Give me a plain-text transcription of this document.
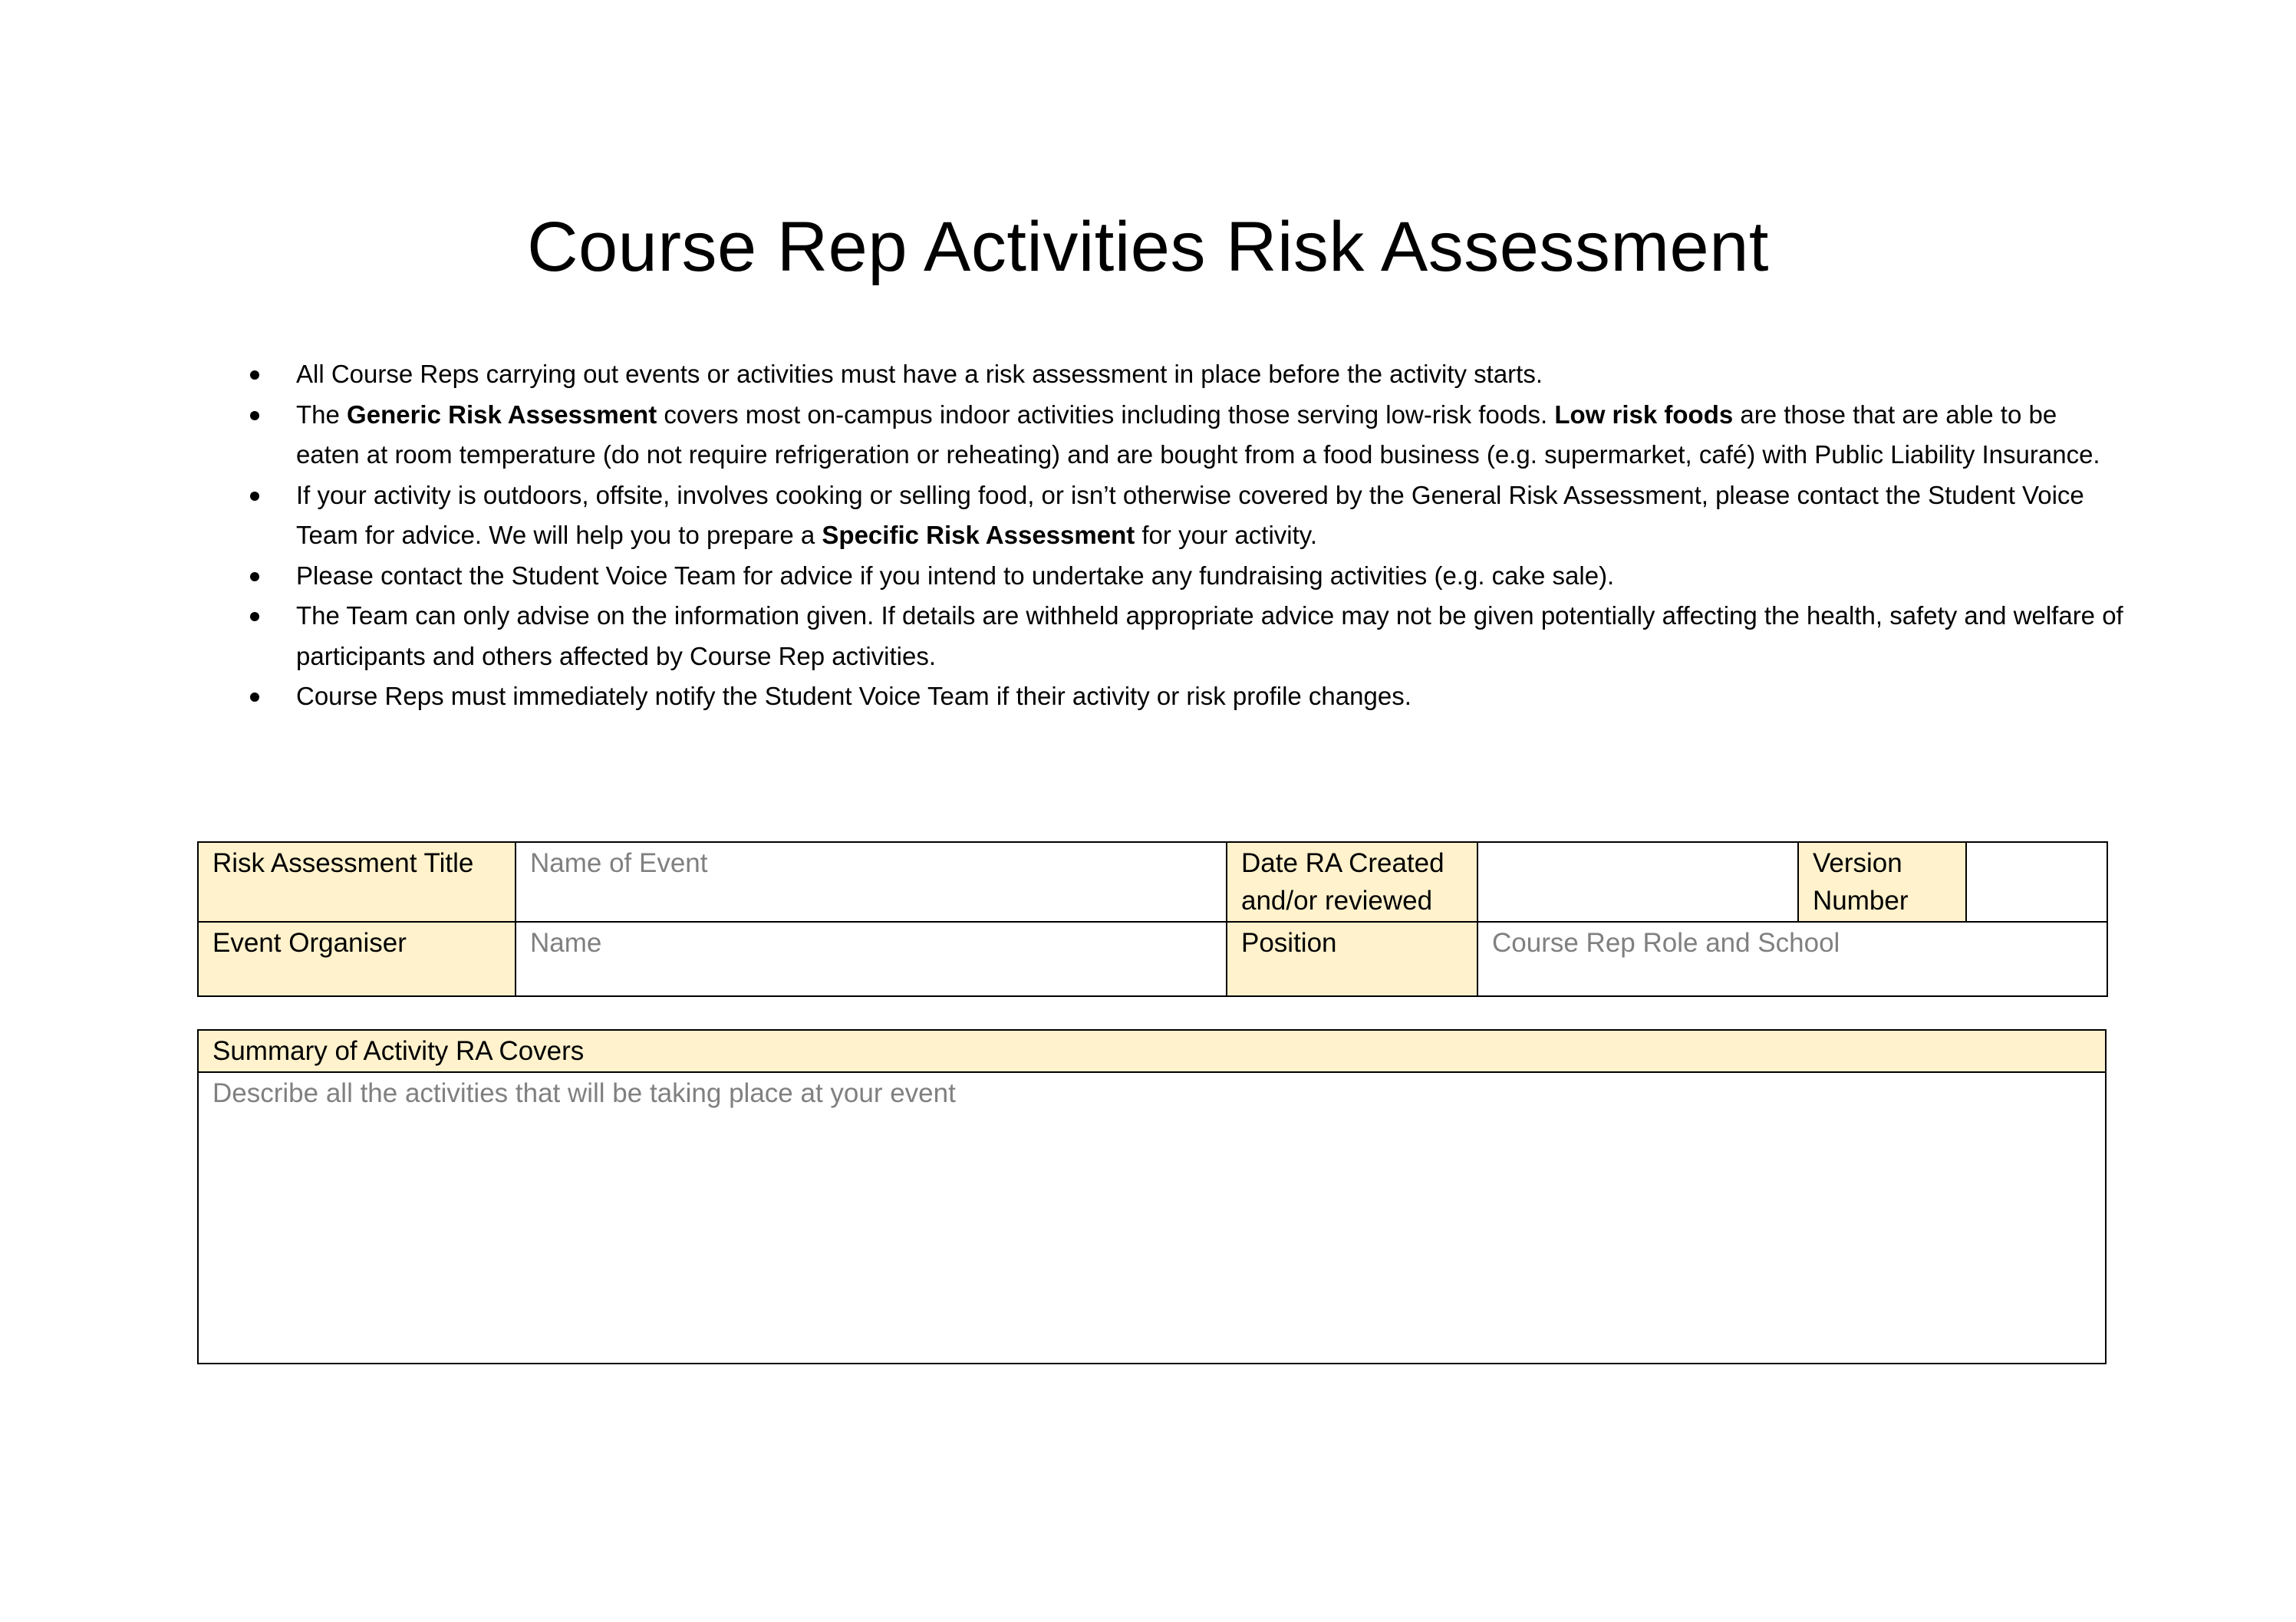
Course Rep Activities Risk Assessment
All Course Reps carrying out events or activities must have a risk assessment in place before the activity starts.
The Generic Risk Assessment covers most on-campus indoor activities including those serving low-risk foods. Low risk foods are those that are able to be eaten at room temperature (do not require refrigeration or reheating) and are bought from a food business (e.g. supermarket, café) with Public Liability Insurance.
If your activity is outdoors, offsite, involves cooking or selling food, or isn’t otherwise covered by the General Risk Assessment, please contact the Student Voice Team for advice. We will help you to prepare a Specific Risk Assessment for your activity.
Please contact the Student Voice Team for advice if you intend to undertake any fundraising activities (e.g. cake sale).
The Team can only advise on the information given. If details are withheld appropriate advice may not be given potentially affecting the health, safety and welfare of participants and others affected by Course Rep activities.
Course Reps must immediately notify the Student Voice Team if their activity or risk profile changes.
Risk Assessment Title	Name of Event	Date RA Created and/or reviewed		Version Number	
Event Organiser	Name	Position	Course Rep Role and School		
Summary of Activity RA Covers
Describe all the activities that will be taking place at your event
